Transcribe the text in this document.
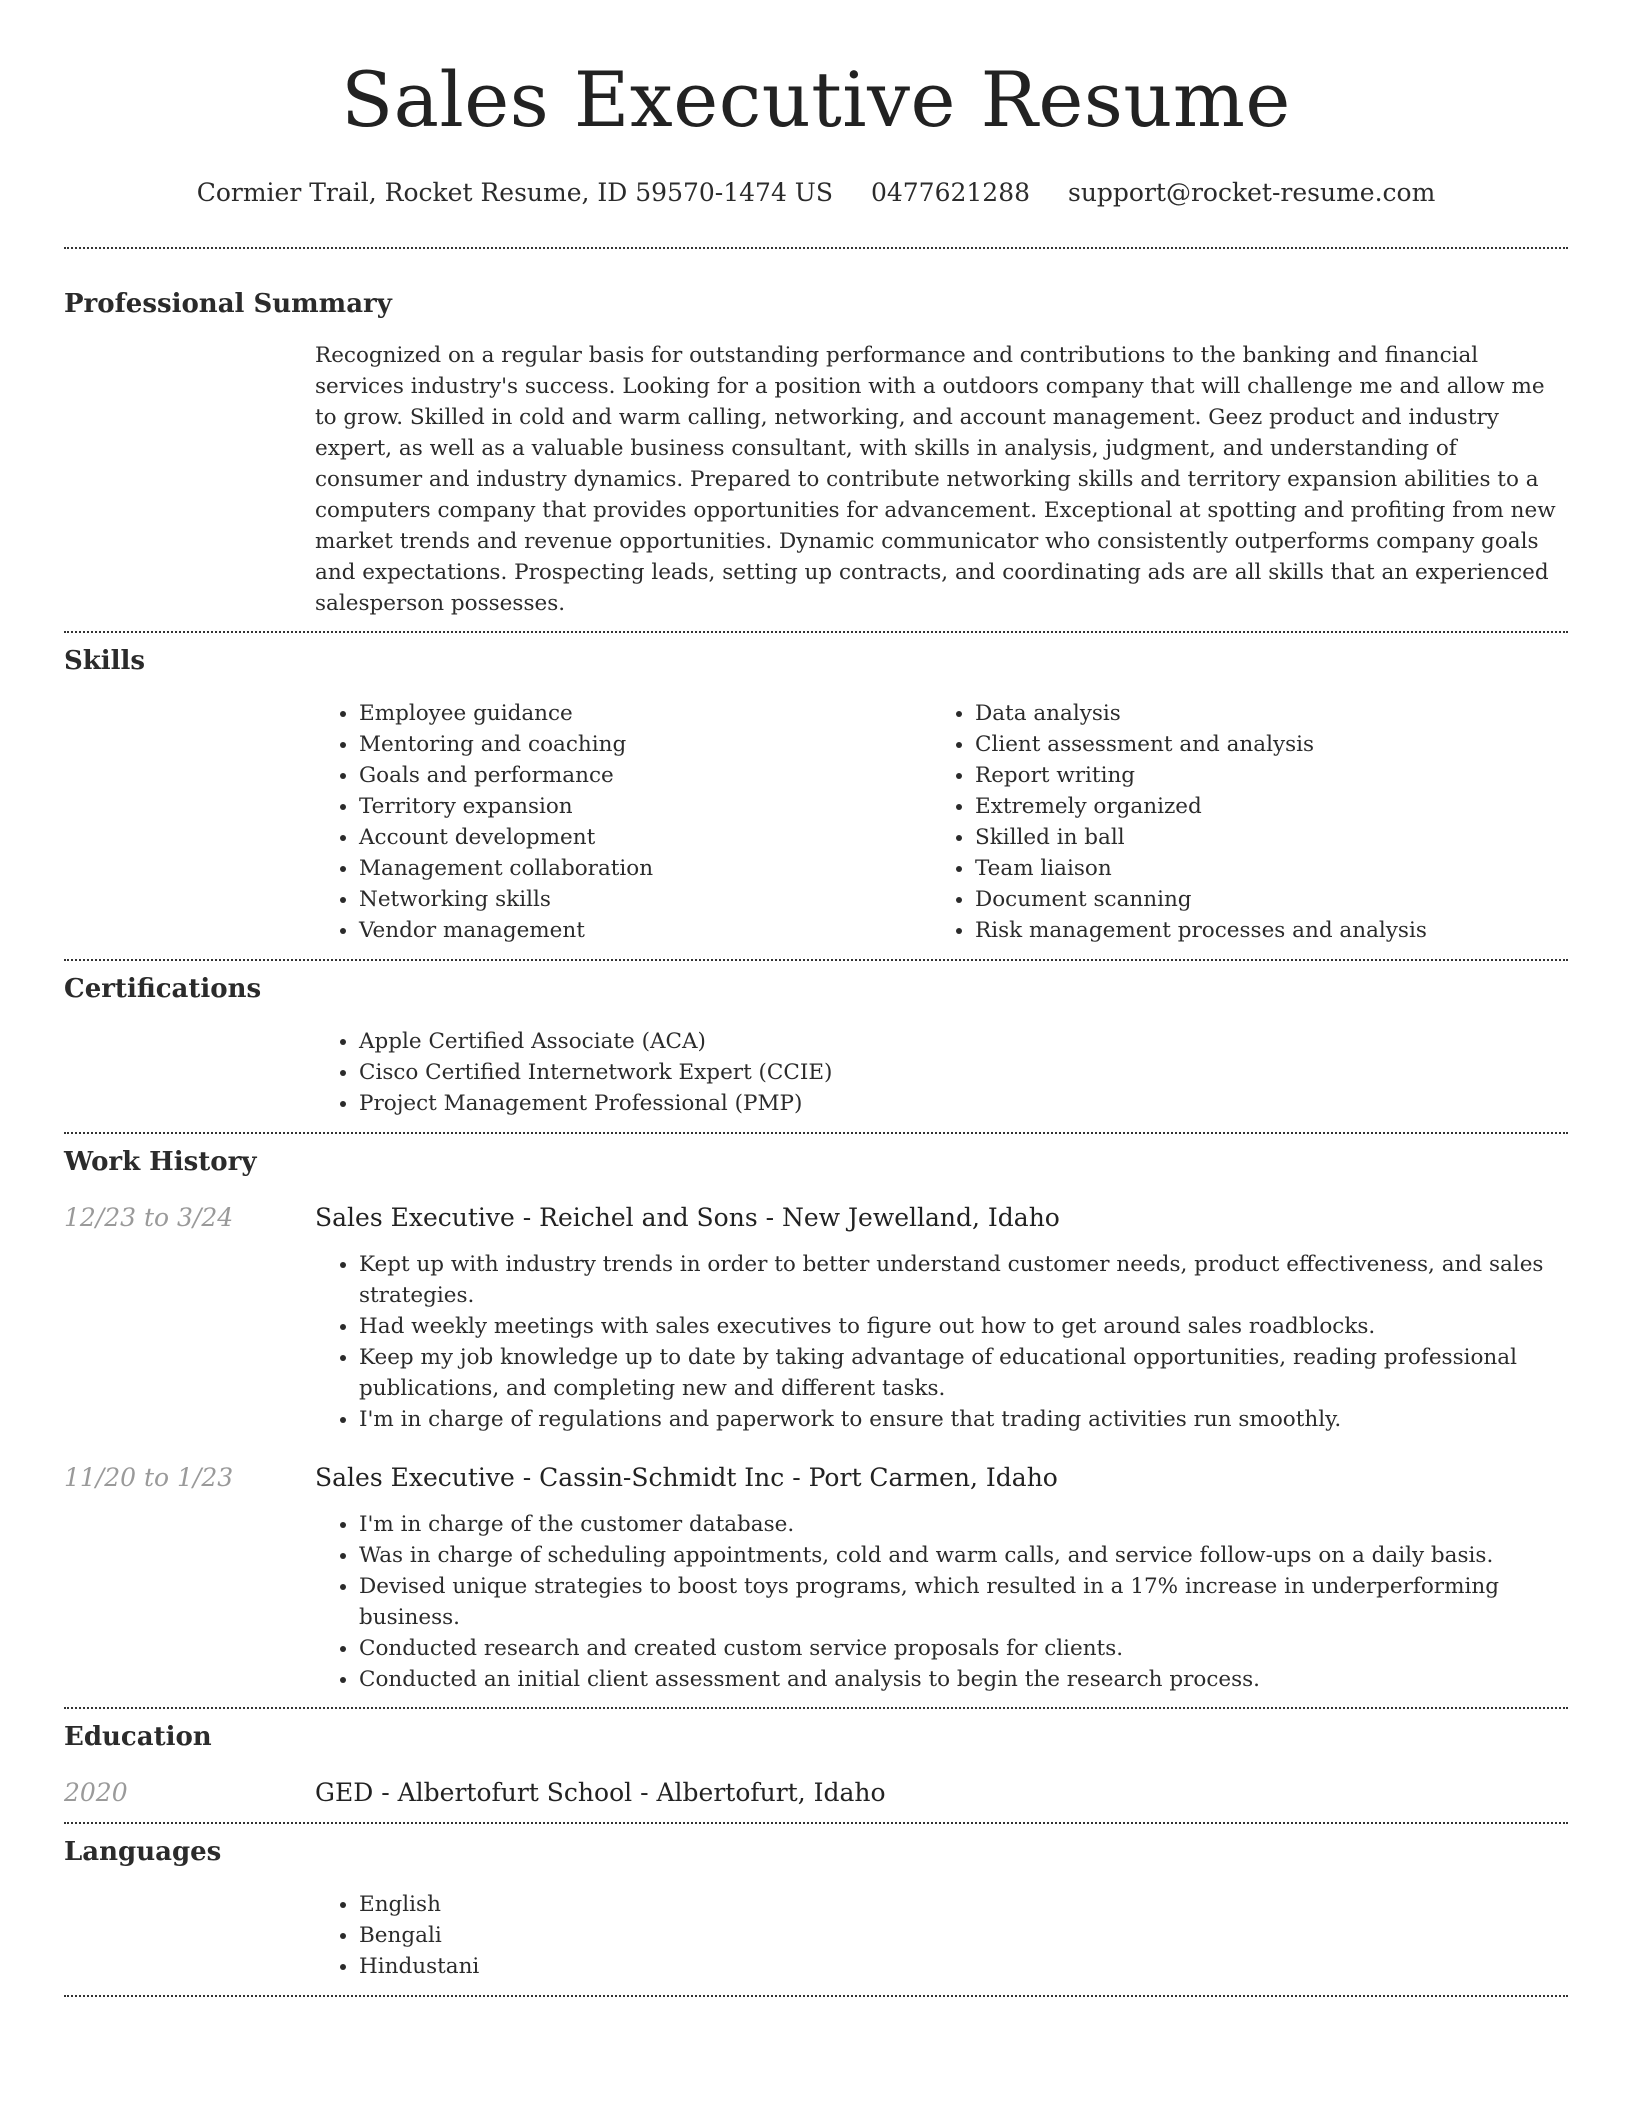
Sales Executive Resume
Cormier Trail, Rocket Resume, ID 59570-1474 US 0477621288 support@rocket-resume.com
Professional Summary

Recognized on a regular basis for outstanding performance and contributions to the banking and financial services industry's success. Looking for a position with a outdoors company that will challenge me and allow me to grow. Skilled in cold and warm calling, networking, and account management. Geez product and industry expert, as well as a valuable business consultant, with skills in analysis, judgment, and understanding of consumer and industry dynamics. Prepared to contribute networking skills and territory expansion abilities to a computers company that provides opportunities for advancement. Exceptional at spotting and profiting from new market trends and revenue opportunities. Dynamic communicator who consistently outperforms company goals and expectations. Prospecting leads, setting up contracts, and coordinating ads are all skills that an experienced salesperson possesses.

Skills
• Employee guidance
• Mentoring and coaching
• Goals and performance
• Territory expansion
• Account development
• Management collaboration
• Networking skills
• Vendor management
• Data analysis
• Client assessment and analysis
• Report writing
• Extremely organized
• Skilled in ball
• Team liaison
• Document scanning
• Risk management processes and analysis
Certifications
• Apple Certified Associate (ACA)
• Cisco Certified Internetwork Expert (CCIE)
• Project Management Professional (PMP)
Work History
12/23 to 3/24	Sales Executive - Reichel and Sons - New Jewelland, Idaho
• Kept up with industry trends in order to better understand customer needs, product effectiveness, and sales strategies.
• Had weekly meetings with sales executives to figure out how to get around sales roadblocks.
• Keep my job knowledge up to date by taking advantage of educational opportunities, reading professional publications, and completing new and different tasks.
• I'm in charge of regulations and paperwork to ensure that trading activities run smoothly.
11/20 to 1/23	Sales Executive - Cassin-Schmidt Inc - Port Carmen, Idaho
• I'm in charge of the customer database.
• Was in charge of scheduling appointments, cold and warm calls, and service follow-ups on a daily basis.
• Devised unique strategies to boost toys programs, which resulted in a 17% increase in underperforming business.
• Conducted research and created custom service proposals for clients.
• Conducted an initial client assessment and analysis to begin the research process.
Education
2020	GED - Albertofurt School - Albertofurt, Idaho
Languages
• English
• Bengali
• Hindustani
